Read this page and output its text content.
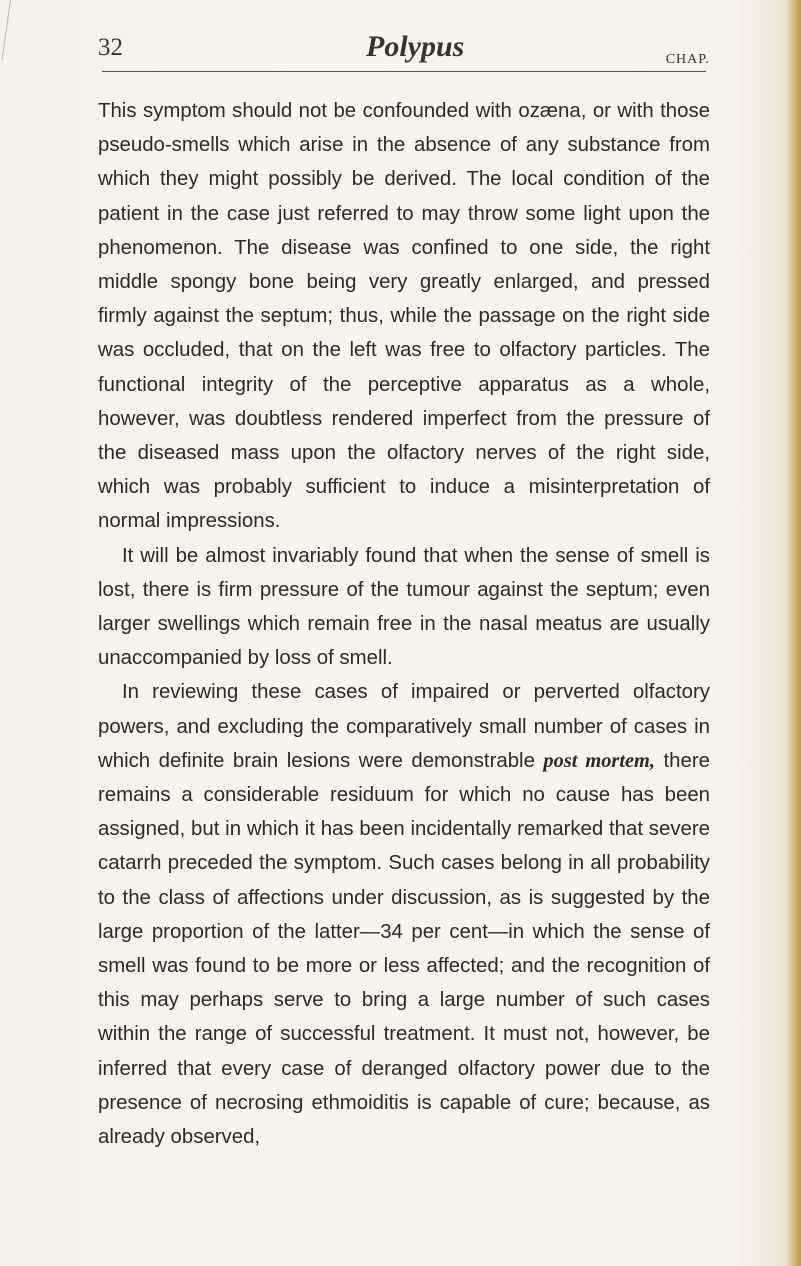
32	Polypus	CHAP.

This symptom should not be confounded with ozæna, or with those pseudo-smells which arise in the absence of any substance from which they might possibly be derived. The local condition of the patient in the case just referred to may throw some light upon the phenomenon. The disease was confined to one side, the right middle spongy bone being very greatly enlarged, and pressed firmly against the septum; thus, while the passage on the right side was occluded, that on the left was free to olfactory particles. The functional integrity of the perceptive apparatus as a whole, however, was doubtless rendered imperfect from the pressure of the diseased mass upon the olfactory nerves of the right side, which was probably sufficient to induce a misinterpretation of normal impressions.

It will be almost invariably found that when the sense of smell is lost, there is firm pressure of the tumour against the septum; even larger swellings which remain free in the nasal meatus are usually unaccompanied by loss of smell.

In reviewing these cases of impaired or perverted olfactory powers, and excluding the comparatively small number of cases in which definite brain lesions were demonstrable post mortem, there remains a considerable residuum for which no cause has been assigned, but in which it has been incidentally remarked that severe catarrh preceded the symptom. Such cases belong in all probability to the class of affections under discussion, as is suggested by the large proportion of the latter—34 per cent—in which the sense of smell was found to be more or less affected; and the recognition of this may perhaps serve to bring a large number of such cases within the range of successful treatment. It must not, however, be inferred that every case of deranged olfactory power due to the presence of necrosing ethmoiditis is capable of cure; because, as already observed,
